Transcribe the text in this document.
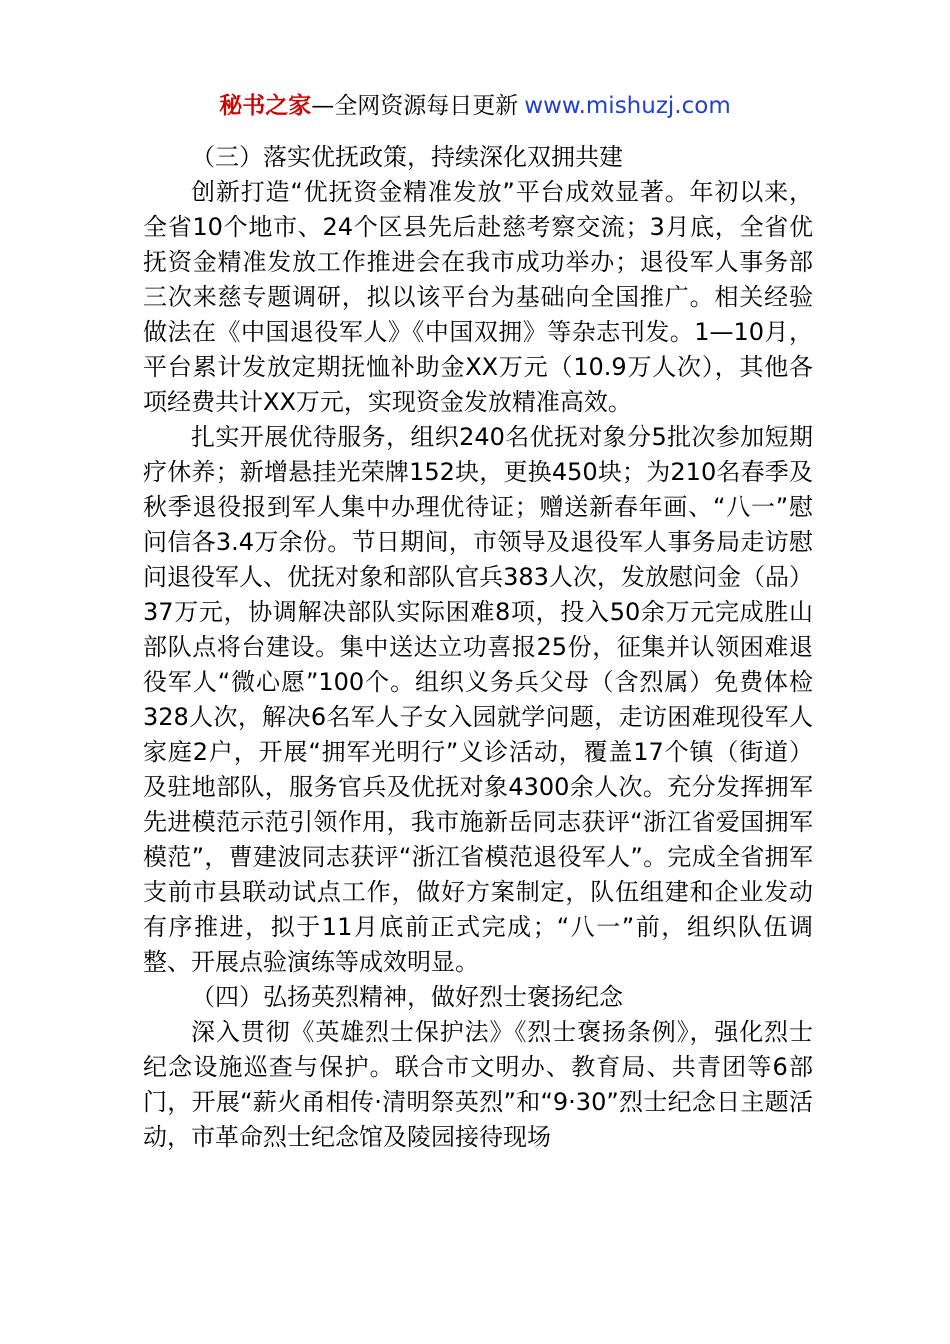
秘书之家—全网资源每日更新 www.mishuzj.com

（三）落实优抚政策，持续深化双拥共建

创新打造“优抚资金精准发放”平台成效显著。年初以来，全省10个地市、24个区县先后赴慈考察交流；3月底，全省优抚资金精准发放工作推进会在我市成功举办；退役军人事务部三次来慈专题调研，拟以该平台为基础向全国推广。相关经验做法在《中国退役军人》《中国双拥》等杂志刊发。1—10月，平台累计发放定期抚恤补助金XX万元（10.9万人次），其他各项经费共计XX万元，实现资金发放精准高效。

扎实开展优待服务，组织240名优抚对象分5批次参加短期疗休养；新增悬挂光荣牌152块，更换450块；为210名春季及秋季退役报到军人集中办理优待证；赠送新春年画、“八一”慰问信各3.4万余份。节日期间，市领导及退役军人事务局走访慰问退役军人、优抚对象和部队官兵383人次，发放慰问金（品）37万元，协调解决部队实际困难8项，投入50余万元完成胜山部队点将台建设。集中送达立功喜报25份，征集并认领困难退役军人“微心愿”100个。组织义务兵父母（含烈属）免费体检328人次，解决6名军人子女入园就学问题，走访困难现役军人家庭2户，开展“拥军光明行”义诊活动，覆盖17个镇（街道）及驻地部队，服务官兵及优抚对象4300余人次。充分发挥拥军先进模范示范引领作用，我市施新岳同志获评“浙江省爱国拥军模范”，曹建波同志获评“浙江省模范退役军人”。完成全省拥军支前市县联动试点工作，做好方案制定，队伍组建和企业发动有序推进，拟于11月底前正式完成；“八一”前，组织队伍调整、开展点验演练等成效明显。

（四）弘扬英烈精神，做好烈士褒扬纪念

深入贯彻《英雄烈士保护法》《烈士褒扬条例》，强化烈士纪念设施巡查与保护。联合市文明办、教育局、共青团等6部门，开展“薪火甬相传·清明祭英烈”和“9·30”烈士纪念日主题活动，市革命烈士纪念馆及陵园接待现场
